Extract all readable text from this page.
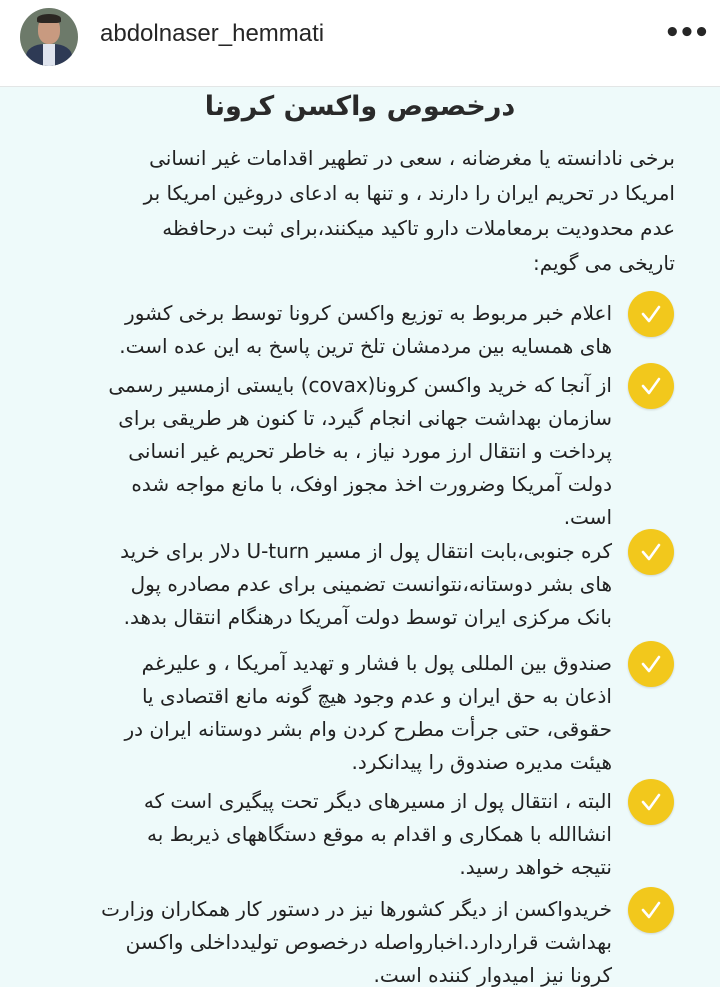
abdolnaser_hemmati	•••
درخصوص واکسن کرونا
برخی نادانسته یا مغرضانه ، سعی در تطهیر اقدامات غیر انسانی
امریکا در تحریم ایران را دارند ، و تنها به ادعای دروغین امریکا بر
عدم محدودیت برمعاملات دارو تاکید میکنند،برای ثبت درحافظه
تاریخی می گویم:
اعلام خبر مربوط به توزیع واکسن کرونا توسط برخی کشور
های همسایه بین مردمشان تلخ ترین پاسخ به این عده است.
از آنجا که خرید واکسن کرونا(covax) بایستی ازمسیر رسمی
سازمان بهداشت جهانی انجام گیرد، تا کنون هر طریقی برای
پرداخت و انتقال ارز مورد نیاز ، به خاطر تحریم غیر انسانی
دولت آمریکا وضرورت اخذ مجوز اوفک، با مانع مواجه شده
است.
کره جنوبی،بابت انتقال پول از مسیر U-turn دلار برای خرید
های بشر دوستانه،نتوانست تضمینی برای عدم مصادره پول
بانک مرکزی ایران توسط دولت آمریکا درهنگام انتقال بدهد.
صندوق بین المللی پول با فشار و تهدید آمریکا ، و علیرغم
اذعان به حق ایران و عدم وجود هیچ گونه مانع اقتصادی یا
حقوقی، حتی جرأت مطرح کردن وام بشر دوستانه ایران در
هیئت مدیره صندوق را پیدانکرد.
البته ، انتقال پول از مسیرهای دیگر تحت پیگیری است که
انشاالله با همکاری و اقدام به موقع دستگاههای ذیربط به
نتیجه خواهد رسید.
خریدواکسن از دیگر کشورها نیز در دستور کار همکاران وزارت
بهداشت قراردارد.اخبارواصله درخصوص تولیدداخلی واکسن
کرونا نیز امیدوار کننده است.
